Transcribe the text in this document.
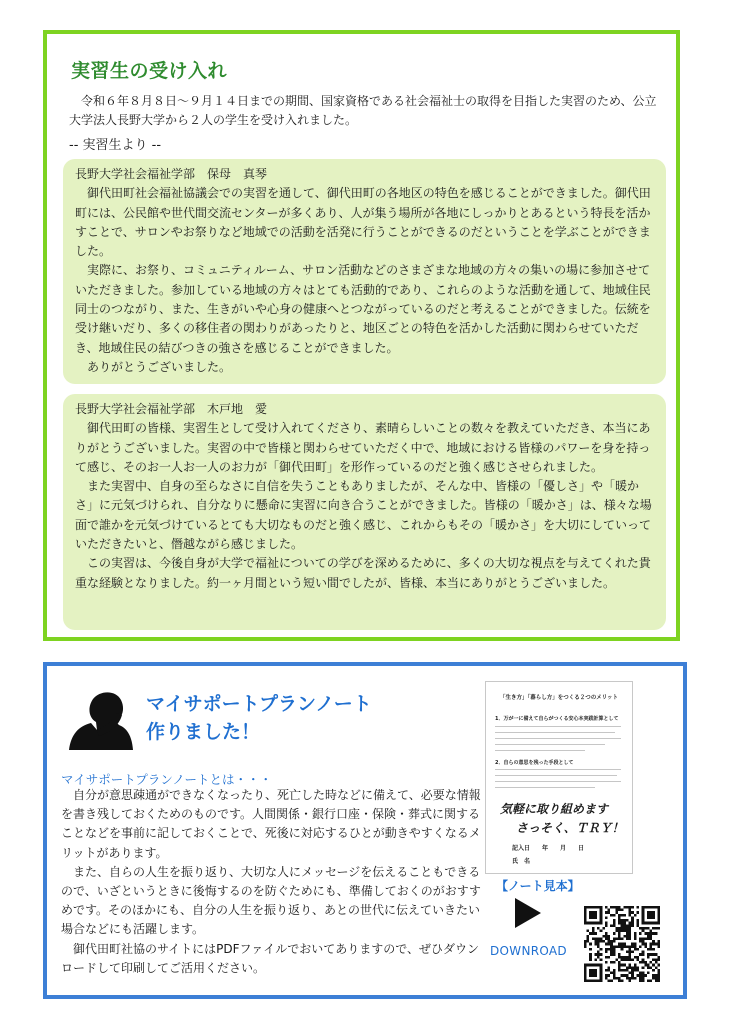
実習生の受け入れ
令和６年８月８日～９月１４日までの期間、国家資格である社会福祉士の取得を目指した実習のため、公立大学法人長野大学から２人の学生を受け入れました。
-- 実習生より --

長野大学社会福祉学部　保母　真琴

御代田町社会福祉協議会での実習を通して、御代田町の各地区の特色を感じることができました。御代田町には、公民館や世代間交流センターが多くあり、人が集う場所が各地にしっかりとあるという特長を活かすことで、サロンやお祭りなど地域での活動を活発に行うことができるのだということを学ぶことができました。

実際に、お祭り、コミュニティルーム、サロン活動などのさまざまな地域の方々の集いの場に参加させていただきました。参加している地域の方々はとても活動的であり、これらのような活動を通して、地域住民同士のつながり、また、生きがいや心身の健康へとつながっているのだと考えることができました。伝統を受け継いだり、多くの移住者の関わりがあったりと、地区ごとの特色を活かした活動に関わらせていただき、地域住民の結びつきの強さを感じることができました。

ありがとうございました。

長野大学社会福祉学部　木戸地　愛

御代田町の皆様、実習生として受け入れてくださり、素晴らしいことの数々を教えていただき、本当にありがとうございました。実習の中で皆様と関わらせていただく中で、地域における皆様のパワーを身を持って感じ、そのお一人お一人のお力が「御代田町」を形作っているのだと強く感じさせられました。

また実習中、自身の至らなさに自信を失うこともありましたが、そんな中、皆様の「優しさ」や「暖かさ」に元気づけられ、自分なりに懸命に実習に向き合うことができました。皆様の「暖かさ」は、様々な場面で誰かを元気づけているとても大切なものだと強く感じ、これからもその「暖かさ」を大切にしていっていただきたいと、僭越ながら感じました。

この実習は、今後自身が大学で福祉についての学びを深めるために、多くの大切な視点を与えてくれた貴重な経験となりました。約一ヶ月間という短い間でしたが、皆様、本当にありがとうございました。

マイサポートプランノート
作りました！
マイサポートプランノートとは・・・

自分が意思疎通ができなくなったり、死亡した時などに備えて、必要な情報を書き残しておくためのものです。人間関係・銀行口座・保険・葬式に関することなどを事前に記しておくことで、死後に対応するひとが動きやすくなるメリットがあります。

また、自らの人生を振り返り、大切な人にメッセージを伝えることもできるので、いざというときに後悔するのを防ぐためにも、準備しておくのがおすすめです。そのほかにも、自分の人生を振り返り、あとの世代に伝えていきたい場合などにも活躍します。

御代田町社協のサイトにはPDFファイルでおいてありますので、ぜひダウンロードして印刷してご活用ください。

「生き方」「暮らし方」をつくる２つのメリット
1．万が一に備えて自らがつくる安心本実践計算として
2．自らの意思を残った手段として
気軽に取り組めます
さっそく、ＴＲＹ！
記入日　　年　　月　　日
氏　名
【ノート見本】
DOWNROAD
